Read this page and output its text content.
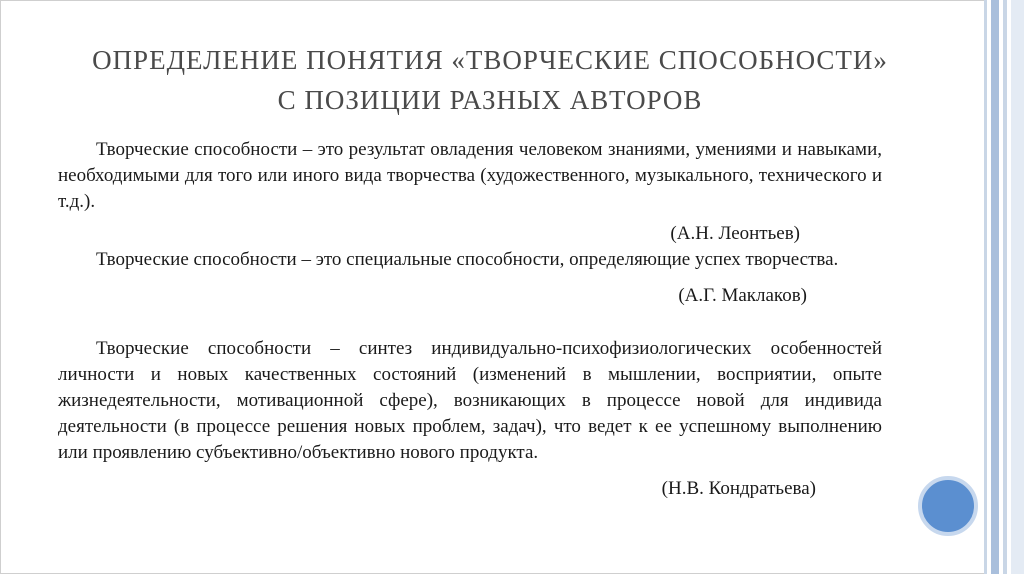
ОПРЕДЕЛЕНИЕ ПОНЯТИЯ «ТВОРЧЕСКИЕ СПОСОБНОСТИ»
С ПОЗИЦИИ РАЗНЫХ АВТОРОВ

Творческие способности – это результат овладения человеком знаниями, умениями и навыками, необходимыми для того или иного вида творчества (художественного, музыкального, технического и т.д.).

(А.Н. Леонтьев)

Творческие способности – это специальные способности, определяющие успех творчества.

(А.Г. Маклаков)

Творческие способности – синтез индивидуально-психофизиологических особенностей личности и новых качественных состояний (изменений в мышлении, восприятии, опыте жизнедеятельности, мотивационной сфере), возникающих в процессе новой для индивида деятельности (в процессе решения новых проблем, задач), что ведет к ее успешному выполнению или проявлению субъективно/объективно нового продукта.

(Н.В. Кондратьева)
